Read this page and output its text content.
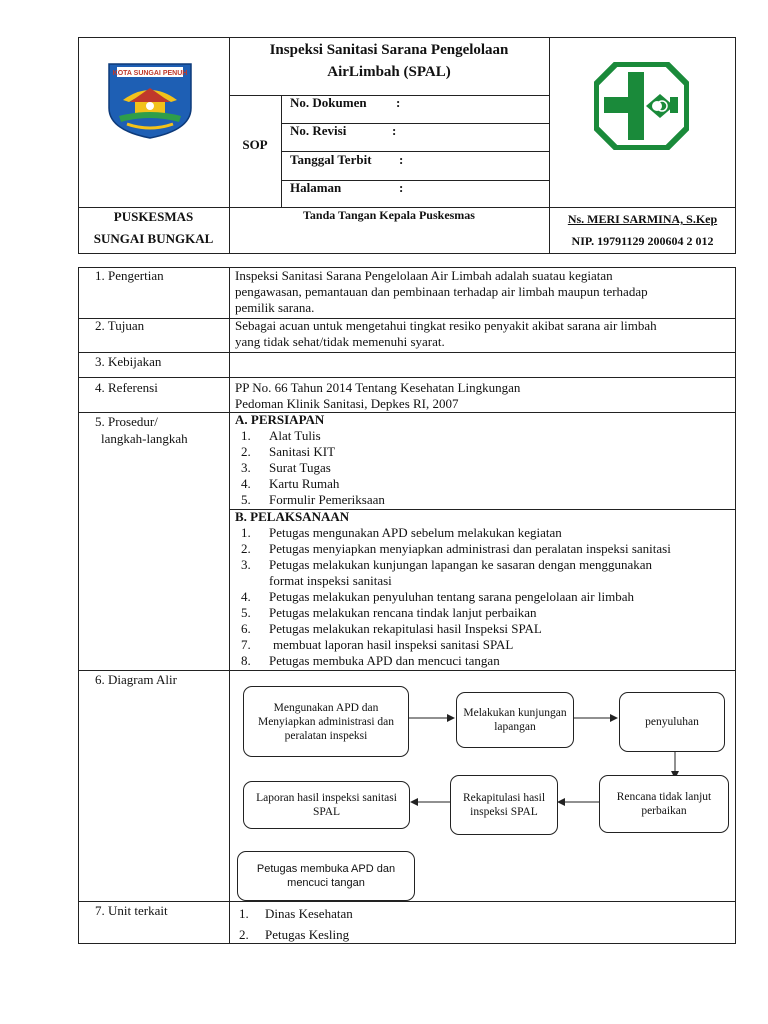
KOTA SUNGAI PENUH
Inspeksi Sanitasi Sarana Pengelolaan
AirLimbah (SPAL)
SOP
No. Dokumen :
No. Revisi	:
Tanggal Terbit :
Halaman	:
PUSKESMAS
SUNGAI BUNGKAL
Tanda Tangan Kepala Puskesmas	Ns. MERI SARMINA, S.Kep
NIP. 19791129 200604 2 012
1. Pengertian	Inspeksi Sanitasi Sarana Pengelolaan Air Limbah adalah suatau kegiatan
pengawasan, pemantauan dan pembinaan terhadap air limbah maupun terhadap
pemilik sarana.
2. Tujuan	Sebagai acuan untuk mengetahui tingkat resiko penyakit akibat sarana air limbah
yang tidak sehat/tidak memenuhi syarat.
3. Kebijakan
4. Referensi	PP No. 66 Tahun 2014 Tentang Kesehatan Lingkungan
Pedoman Klinik Sanitasi, Depkes RI, 2007
5. Prosedur/
langkah-langkah
A. PERSIAPAN
1. Alat Tulis
2. Sanitasi KIT
3. Surat Tugas
4. Kartu Rumah
5. Formulir Pemeriksaan
B. PELAKSANAAN
1. Petugas mengunakan APD sebelum melakukan kegiatan
2. Petugas menyiapkan menyiapkan administrasi dan peralatan inspeksi sanitasi
3. Petugas melakukan kunjungan lapangan ke sasaran dengan menggunakan
format inspeksi sanitasi
4. Petugas melakukan penyuluhan tentang sarana pengelolaan air limbah
5. Petugas melakukan rencana tindak lanjut perbaikan
6. Petugas melakukan rekapitulasi hasil Inspeksi SPAL
7. membuat laporan hasil inspeksi sanitasi SPAL
8. Petugas membuka APD dan mencuci tangan
6. Diagram Alir
Mengunakan APD dan Menyiapkan administrasi dan peralatan inspeksi
Melakukan kunjungan lapangan	penyuluhan
Rencana tidak lanjut perbaikan
Rekapitulasi hasil inspeksi SPAL
Laporan hasil inspeksi sanitasi SPAL
Petugas membuka APD dan mencuci tangan
7. Unit terkait	1. Dinas Kesehatan
2. Petugas Kesling
